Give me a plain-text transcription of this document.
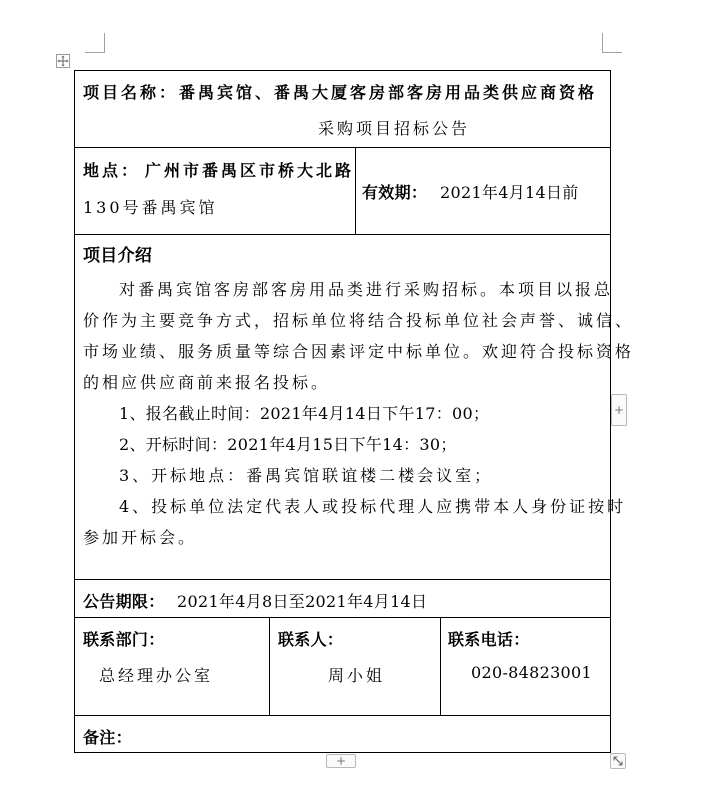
项目名称： 番禺宾馆、番禺大厦客房部客房用品类供应商资格
采购项目招标公告
地点： 广州市番禺区市桥大北路
130号番禺宾馆
有效期： 2021年4月14日前
项目介绍
对番禺宾馆客房部客房用品类进行采购招标。本项目以报总
价作为主要竞争方式，招标单位将结合投标单位社会声誉、诚信、
市场业绩、服务质量等综合因素评定中标单位。欢迎符合投标资格
的相应供应商前来报名投标。
1、报名截止时间：2021年4月14日下午17：00；
2、开标时间：2021年4月15日下午14：30；
3、开标地点：番禺宾馆联谊楼二楼会议室；
4、投标单位法定代表人或投标代理人应携带本人身份证按时
参加开标会。
公告期限： 2021年4月8日至2021年4月14日
联系部门：
总经理办公室
联系人：
周小姐
联系电话：
020-84823001
备注：
+
+
